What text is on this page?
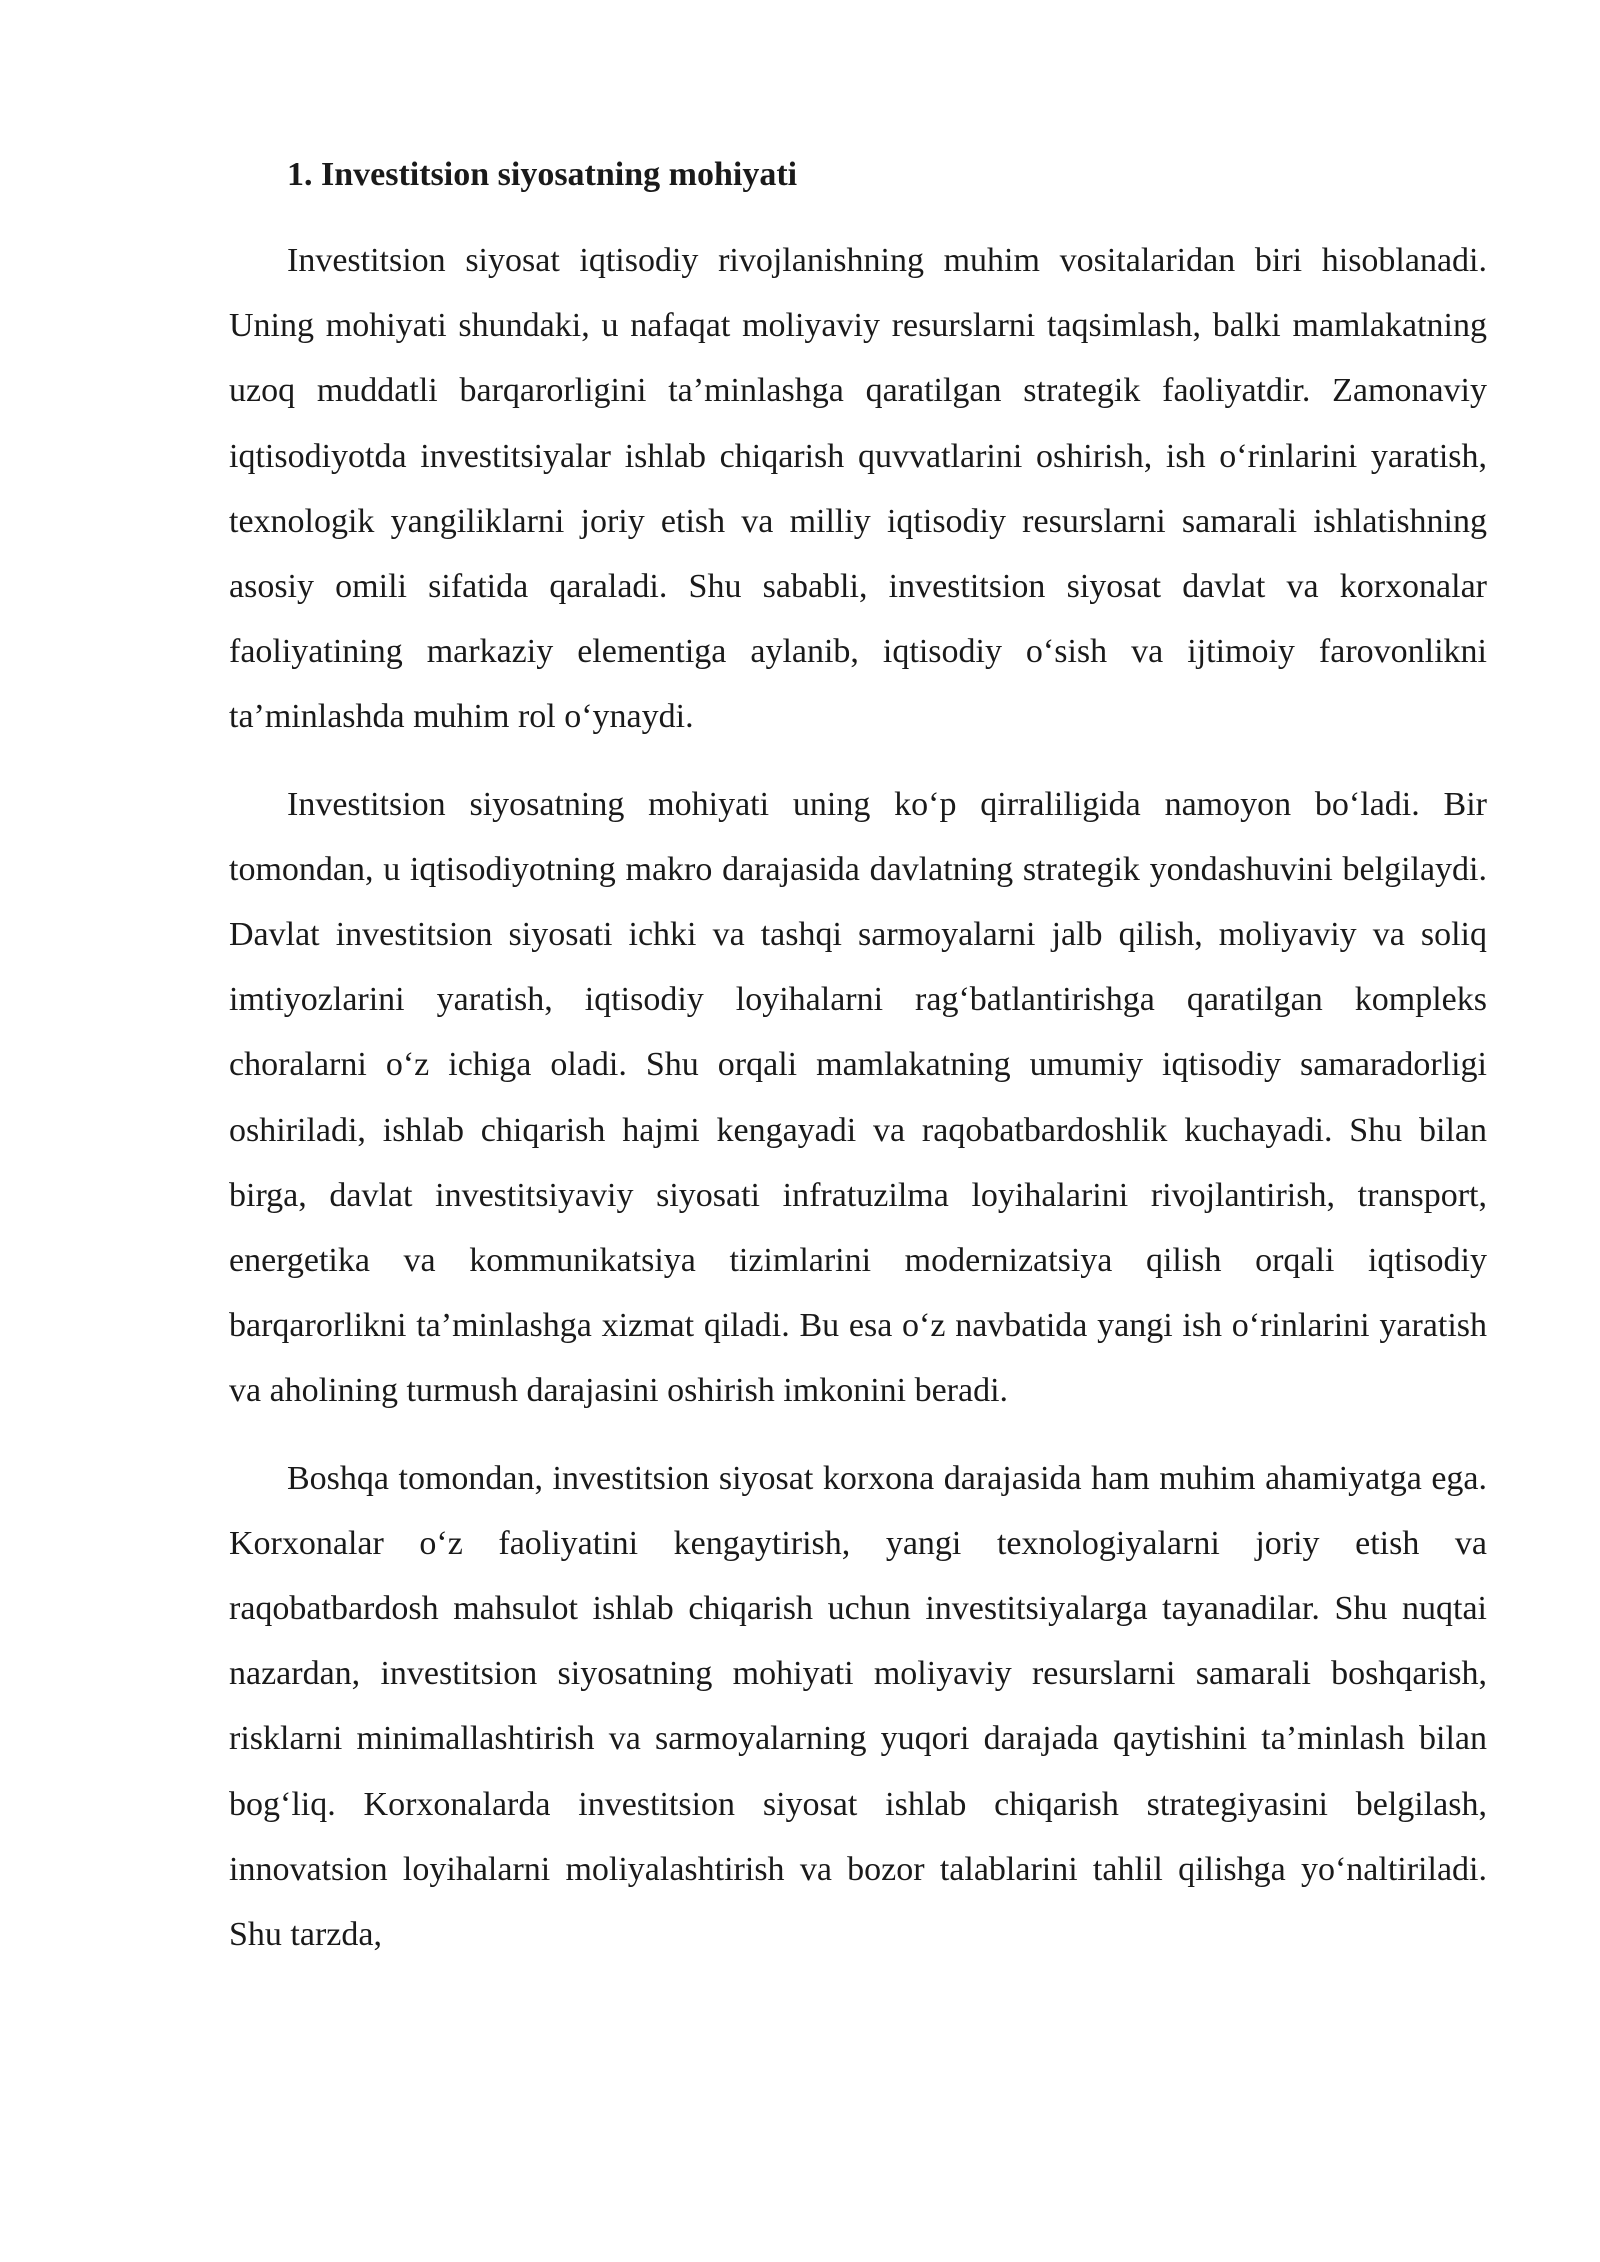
1. Investitsion siyosatning mohiyati

Investitsion siyosat iqtisodiy rivojlanishning muhim vositalaridan biri hisoblanadi. Uning mohiyati shundaki, u nafaqat moliyaviy resurslarni taqsimlash, balki mamlakatning uzoq muddatli barqarorligini ta’minlashga qaratilgan strategik faoliyatdir. Zamonaviy iqtisodiyotda investitsiyalar ishlab chiqarish quvvatlarini oshirish, ish o‘rinlarini yaratish, texnologik yangiliklarni joriy etish va milliy iqtisodiy resurslarni samarali ishlatishning asosiy omili sifatida qaraladi. Shu sababli, investitsion siyosat davlat va korxonalar faoliyatining markaziy elementiga aylanib, iqtisodiy o‘sish va ijtimoiy farovonlikni ta’minlashda muhim rol o‘ynaydi.

Investitsion siyosatning mohiyati uning ko‘p qirraliligida namoyon bo‘ladi. Bir tomondan, u iqtisodiyotning makro darajasida davlatning strategik yondashuvini belgilaydi. Davlat investitsion siyosati ichki va tashqi sarmoyalarni jalb qilish, moliyaviy va soliq imtiyozlarini yaratish, iqtisodiy loyihalarni rag‘batlantirishga qaratilgan kompleks choralarni o‘z ichiga oladi. Shu orqali mamlakatning umumiy iqtisodiy samaradorligi oshiriladi, ishlab chiqarish hajmi kengayadi va raqobatbardoshlik kuchayadi. Shu bilan birga, davlat investitsiyaviy siyosati infratuzilma loyihalarini rivojlantirish, transport, energetika va kommunikatsiya tizimlarini modernizatsiya qilish orqali iqtisodiy barqarorlikni ta’minlashga xizmat qiladi. Bu esa o‘z navbatida yangi ish o‘rinlarini yaratish va aholining turmush darajasini oshirish imkonini beradi.

Boshqa tomondan, investitsion siyosat korxona darajasida ham muhim ahamiyatga ega. Korxonalar o‘z faoliyatini kengaytirish, yangi texnologiyalarni joriy etish va raqobatbardosh mahsulot ishlab chiqarish uchun investitsiyalarga tayanadilar. Shu nuqtai nazardan, investitsion siyosatning mohiyati moliyaviy resurslarni samarali boshqarish, risklarni minimallashtirish va sarmoyalarning yuqori darajada qaytishini ta’minlash bilan bog‘liq. Korxonalarda investitsion siyosat ishlab chiqarish strategiyasini belgilash, innovatsion loyihalarni moliyalashtirish va bozor talablarini tahlil qilishga yo‘naltiriladi. Shu tarzda,
